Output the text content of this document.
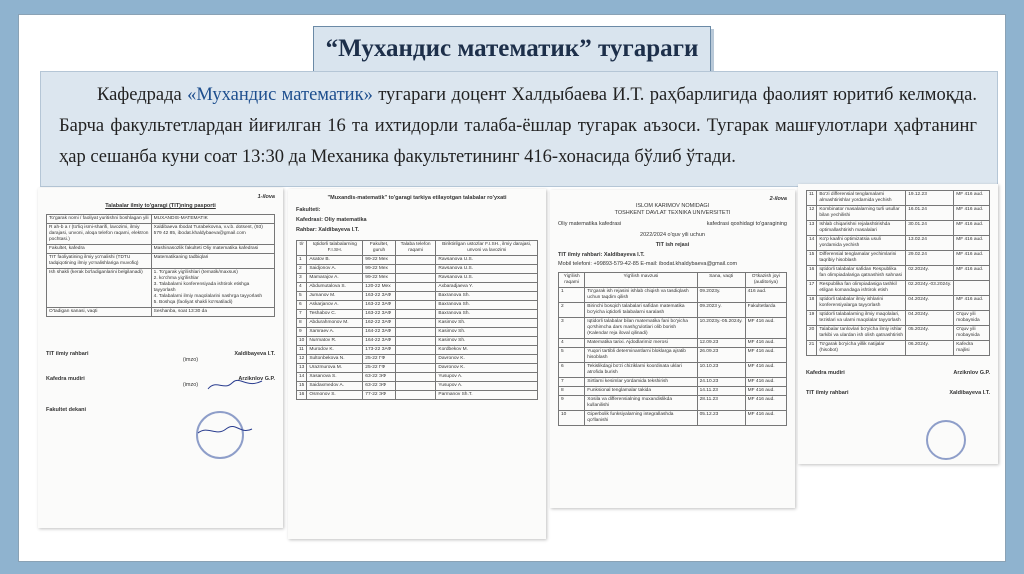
“Мухандис математик” тугараги

Кафедрада «Мухандис математик» тугараги доцент Халдыбаева И.Т. раҳбарлигида фаолият юритиб келмоқда. Барча факультетлардан йиғилган 16 та ихтидорли талаба-ёшлар тугарак аъзоси. Тугарак машғулотлари ҳафтанинг ҳар сешанба куни соат 13:30 да Механика факультетининг 416-хонасида бўлиб ўтади.

1-ilova
Talabalar ilmiy to'garagi (TIT)ning pasporti
To'garak nomi / faoliyat yuritishni boshlagan yili	MUXANDIS-MATEMATIK
R ah-b a r (to'liq ismi-sharifi, lavozimi, ilmiy darajasi, unvoni, aloqa telefon raqami, elektron pochtasi.)	Xaldibaeva Ibodat Turabekovna, v.v.b. dotsent, (93) 579 42 85, ibodat.khaldybaeva@gmail.com
Fakultet, kafedra	Mashinasozlik fakulteti Oliy matematika kafedrasi
TIT faoliyatining ilmiy yo'nalishi (TDTU tadqiqotining ilmiy yo'nalishlariga muvofiq)	Matematikaning tadbiqlari
Ish shakli (kerak bo'ladiganlarini belgilanadi)	1. To'garak yig'ilishlari (tematik/maxsus)
2. ko'chma yig'ilishlar
3. Talabalarni konferensiyada ishtirok etishga tayyorlash
4. Talabalarni ilmiy maqolalarini nashrga tayyorlash
5. Boshqa (faoliyat shakli ko'rsatiladi)
O'tadigan sanasi, vaqti	Seshanba, soat 13:30 da
TIT ilmiy rahbari	Xaldibayeva I.T.
(imzo)
Kafedra mudiri	Arziknlov G.P.
(imzo)
Fakultet dekani
"Muxandis-matematik" to'garagi tarkiya etilayotgan talabalar ro'yxati
Fakulteti:
Kafedrasi: Oliy matematika
Rahbar: Xaldibayeva I.T.
t/r	Iqtidorli talabalarning F.I.SH.	Fakultet, guruh	Talaba telefon raqami	Biriktirilgan ustozlar F.I.SH., ilmiy darajasi, unvoni va lavozimi
1	Asatov B.	99-22 Mex		Ravsanova U.S.
2	Saidjonov A.	99-22 Mex		Ravsanova U.S.
3	Mamarajov A.	99-22 Mex		Ravsanova U.S.
4	Abdumutalova S.	120-22 Mex		Axbaradjaeva Y.
5	Jumanov M.	163-22 ЗАФ		Baxranova Sh.
6	Askarjanov A.	163-22 ЗАФ		Baxranova Sh.
7	Teshabov C.	163-22 ЗАФ		Baxranova Sh.
8	Abdurahmonov M.	162-22 ЗАФ		Kasimov Sh.
9	Xamraev A.	164-22 ЗАФ		Kasimov Sh.
10	Nurmatov R.	164-22 ЗАФ		Kasimov Sh.
11	Murodov K.	173-22 ЗАФ		Kordbekov M.
12	Sultonbekova N.	25-22 ГФ		Davronov K.
13	Urazmurova M.	25-22 ГФ		Davronov K.
14	Xasanova S.	63-22 ЭФ		Yusupov A.
15	Saidaxmedov A.	63-22 ЭФ		Yusupov A.
16	Osmonov S.	77-22 ЭФ		Parmanov Sh.T.
2-ilova
ISLOM KARIMOV NOMIDAGI
TOSHKENT DAVLAT TEXNIKA UNIVERSITETI
Oliy matematika kafedrasi	kafedrasi qoshidagi to'garagining
2022/2024 o'quv yili uchun
TIT ish rejasi
TIT ilmiy rahbari: Xaldibayeva I.T.
Mobil telefoni: +99893-579-42-85 E-mail: ibodat.khaldybaeva@gmail.com
Yig'ilish raqami	Yig'ilish mavzusi	Sana, vaqti	O'tkazish joyi (auditoriya)
1	To'garak ish rejasini ishlab chiqish va tasdiqlash uchun taqdim qilish	09.2023y.	416 aud.
2	Birinchi bosqich talabalari safidan matematika bo'yicha iqtidorli talabalarni saralash	09.2023 y.	Fakultetlarda
3	Iqtidorli talabalar bilan matematika fani bo'yicha qo'shimcha dars mashg'ulotlari olib borish (Kalendar reja iloval qilinadi)	10.2023y.-05.2024y.	MF 416 aud.
4	Matematika tarixi. Ajdodlarimiz merosi	12.09.23	MF 416 aud.
5	Yuqori tartibli determinantlarni bloklarga ajratib hisoblash	26.09.23	MF 416 aud.
6	Tekislikdagi bo'zi chiziklarni koordinata uklari atrofida burish	10.10.23	MF 416 aud.
7	Sirtlarni kesimlar yordamida tekshirish	24.10.23	MF 416 aud.
8	Funksional tenglamalar takida	14.11.23	MF 416 aud.
9	Xosila va differensialning muxandislikda kullanilishi	28.11.23	MF 416 aud.
10	Giperbolik funksiyalarning integrallashda qo'llanishi	05.12.23	MF 416 aud.
11	Bo'zi differensial tenglamalarni almashtirishlar yordamida yechish	19.12.23	MF 416 aud.
12	Kombinator masalalarning turli usullar bilan yechilishi	16.01.24	MF 416 aud.
13	Ishlab chiqarishni rejalashtirishda optimallashtirish masalalari	30.01.24	MF 416 aud.
14	Ko'p kaafni optimizatsia usuli yordamida yechish	13.02.24	MF 416 aud.
15	Differensial tenglamalar yechimlarini taqribiy hisoblash	29.02.24	MF 416 aud.
16	Iqtidorli talabalar safidan Respublika fan olimpiadalariga qatnashish sahnasi	02.2024y.	MF 416 aud.
17	Respublika fan olimpiadasiga tashkil etilgan komandaga ishtirok etish	02.2024y.-03.2024y.	
18	Iqtidorli talabalar ilmiy ishlarini konferensiyalarga tayyorlash	04.2024y.	MF 416 aud.
19	Iqtidorli talabalarning ilmiy maqolalari, tezislari va ularni maqolalar tayyorlash	04.2024y.	O'quv yili mobaynida
20	Talabalar tanlovlari bo'yicha ilmiy ishlar tarkibi va ulardan ish olish qatnashtirish	05.2024y.	O'quv yili mobaynida
21	To'garak bo'yicha yillik natijalar (hisobot)	06.2024y.	Kafedra majlisi
Kafedra mudiri	Arziknlov G.P.
TIT ilmiy rahbari	Xaldibayeva I.T.
